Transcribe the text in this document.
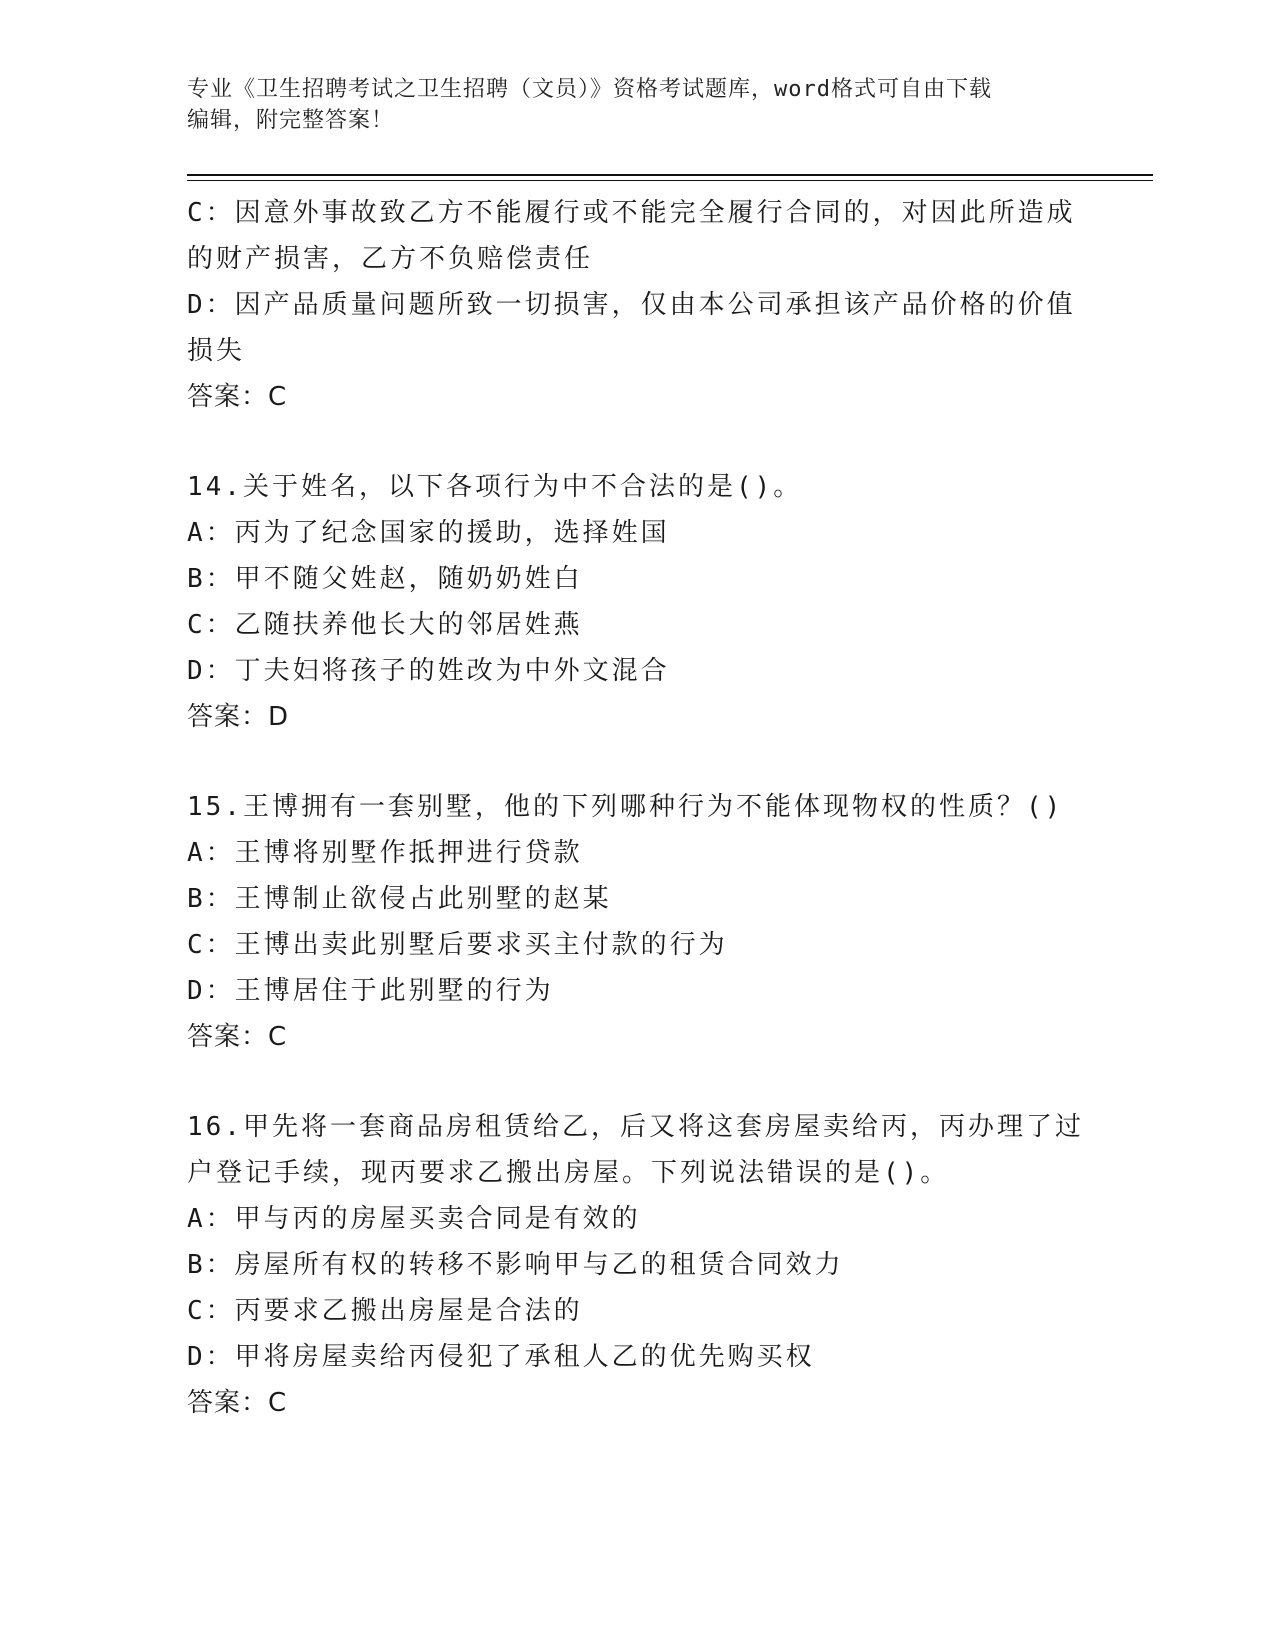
专业《卫生招聘考试之卫生招聘（文员）》资格考试题库，word格式可自由下载
编辑，附完整答案！

C：因意外事故致乙方不能履行或不能完全履行合同的，对因此所造成

的财产损害，乙方不负赔偿责任

D：因产品质量问题所致一切损害，仅由本公司承担该产品价格的价值

损失

答案：C

14.关于姓名，以下各项行为中不合法的是()。

A：丙为了纪念国家的援助，选择姓国

B：甲不随父姓赵，随奶奶姓白

C：乙随扶养他长大的邻居姓燕

D：丁夫妇将孩子的姓改为中外文混合

答案：D

15.王博拥有一套别墅，他的下列哪种行为不能体现物权的性质？()

A：王博将别墅作抵押进行贷款

B：王博制止欲侵占此别墅的赵某

C：王博出卖此别墅后要求买主付款的行为

D：王博居住于此别墅的行为

答案：C

16.甲先将一套商品房租赁给乙，后又将这套房屋卖给丙，丙办理了过

户登记手续，现丙要求乙搬出房屋。下列说法错误的是()。

A：甲与丙的房屋买卖合同是有效的

B：房屋所有权的转移不影响甲与乙的租赁合同效力

C：丙要求乙搬出房屋是合法的

D：甲将房屋卖给丙侵犯了承租人乙的优先购买权

答案：C
